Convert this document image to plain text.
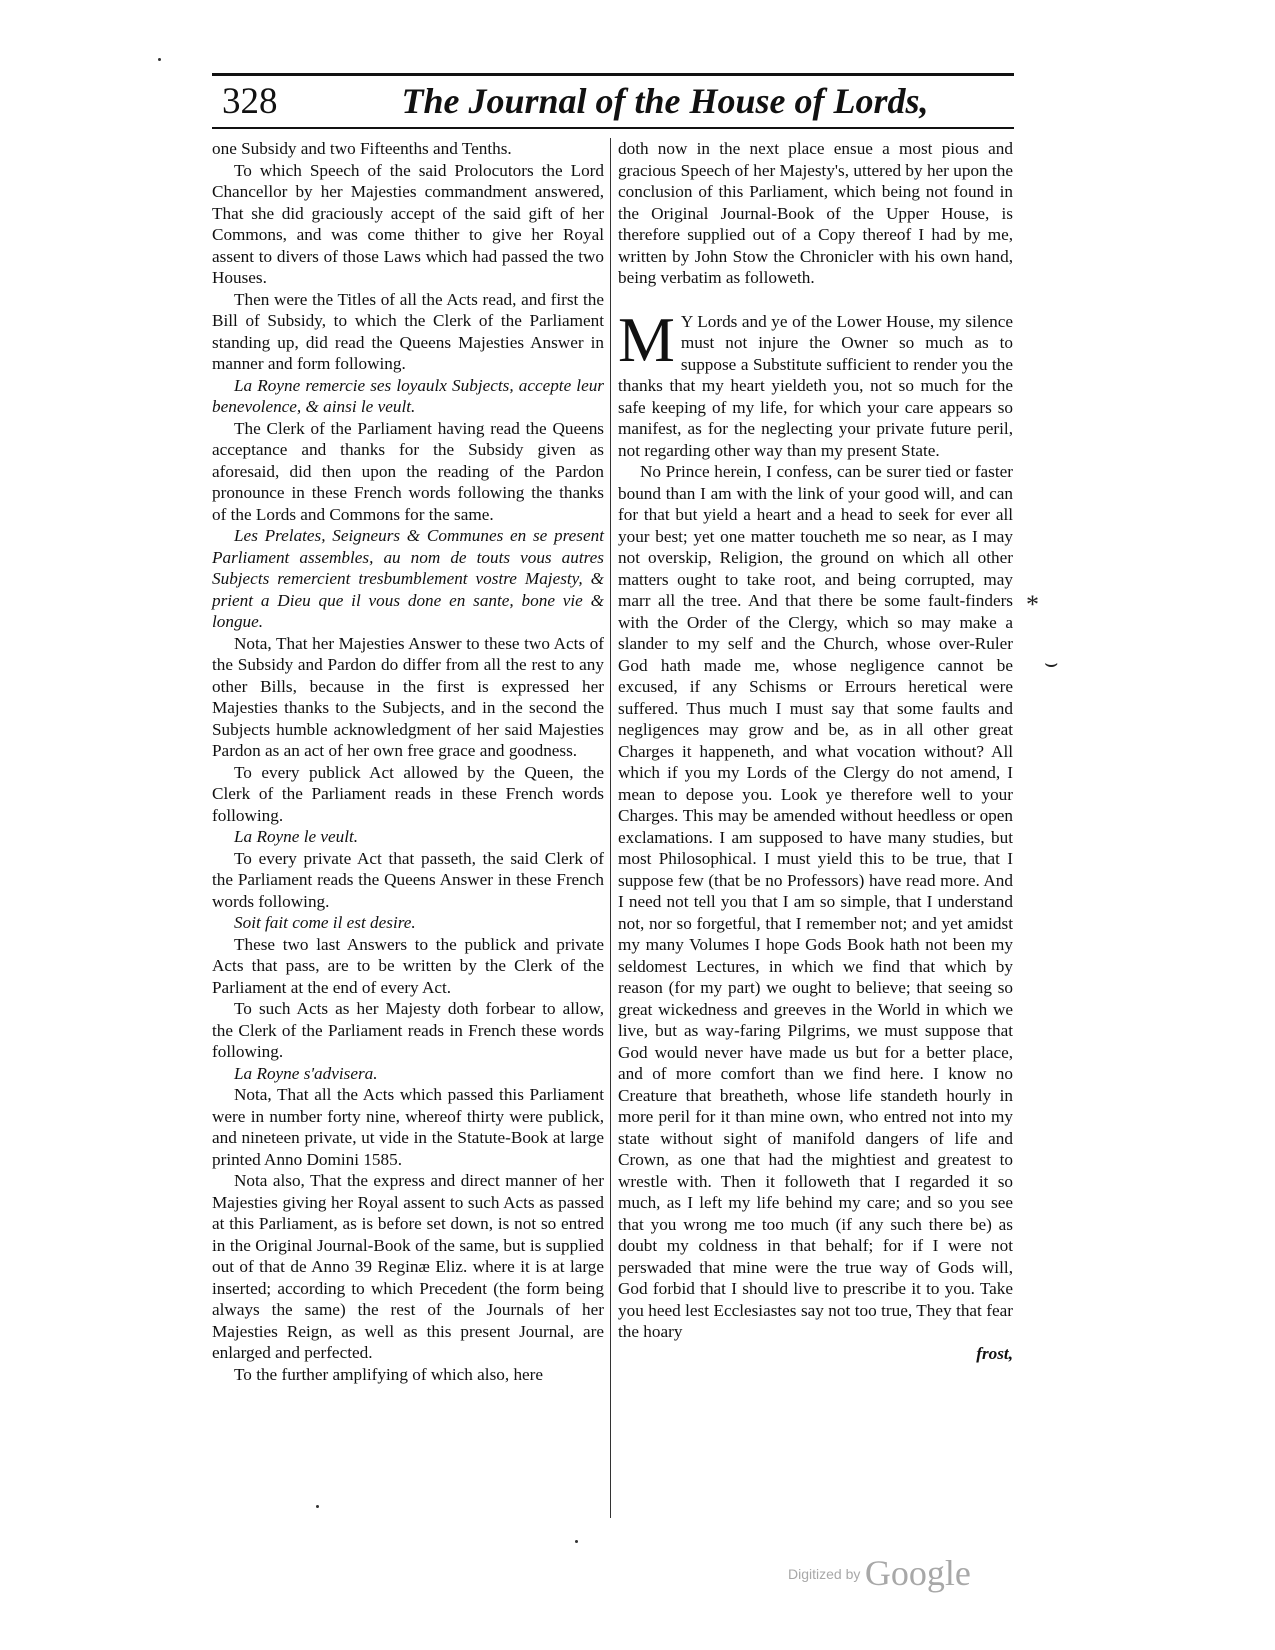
328	The Journal of the House of Lords,

one Subsidy and two Fifteenths and Tenths.

To which Speech of the said Prolocutors the Lord Chancellor by her Majesties commandment answered, That she did graciously accept of the said gift of her Commons, and was come thither to give her Royal assent to divers of those Laws which had passed the two Houses.

Then were the Titles of all the Acts read, and first the Bill of Subsidy, to which the Clerk of the Parliament standing up, did read the Queens Majesties Answer in manner and form following.

La Royne remercie ses loyaulx Subjects, accepte leur benevolence, & ainsi le veult.

The Clerk of the Parliament having read the Queens acceptance and thanks for the Subsidy given as aforesaid, did then upon the reading of the Pardon pronounce in these French words following the thanks of the Lords and Commons for the same.

Les Prelates, Seigneurs & Communes en se present Parliament assembles, au nom de touts vous autres Subjects remercient tresbumblement vostre Majesty, & prient a Dieu que il vous done en sante, bone vie & longue.

Nota, That her Majesties Answer to these two Acts of the Subsidy and Pardon do differ from all the rest to any other Bills, because in the first is expressed her Majesties thanks to the Subjects, and in the second the Subjects humble acknowledgment of her said Majesties Pardon as an act of her own free grace and goodness.

To every publick Act allowed by the Queen, the Clerk of the Parliament reads in these French words following.

La Royne le veult.

To every private Act that passeth, the said Clerk of the Parliament reads the Queens Answer in these French words following.

Soit fait come il est desire.

These two last Answers to the publick and private Acts that pass, are to be written by the Clerk of the Parliament at the end of every Act.

To such Acts as her Majesty doth forbear to allow, the Clerk of the Parliament reads in French these words following.

La Royne s'advisera.

Nota, That all the Acts which passed this Parliament were in number forty nine, whereof thirty were publick, and nineteen private, ut vide in the Statute-Book at large printed Anno Domini 1585.

Nota also, That the express and direct manner of her Majesties giving her Royal assent to such Acts as passed at this Parliament, as is before set down, is not so entred in the Original Journal-Book of the same, but is supplied out of that de Anno 39 Reginæ Eliz. where it is at large inserted; according to which Precedent (the form being always the same) the rest of the Journals of her Majesties Reign, as well as this present Journal, are enlarged and perfected.

To the further amplifying of which also, here

doth now in the next place ensue a most pious and gracious Speech of her Majesty's, uttered by her upon the conclusion of this Parliament, which being not found in the Original Journal-Book of the Upper House, is therefore supplied out of a Copy thereof I had by me, written by John Stow the Chronicler with his own hand, being verbatim as followeth.

M Y Lords and ye of the Lower House, my silence must not injure the Owner so much as to suppose a Substitute sufficient to render you the thanks that my heart yieldeth you, not so much for the safe keeping of my life, for which your care appears so manifest, as for the neglecting your private future peril, not regarding other way than my present State.

No Prince herein, I confess, can be surer tied or faster bound than I am with the link of your good will, and can for that but yield a heart and a head to seek for ever all your best; yet one matter toucheth me so near, as I may not overskip, Religion, the ground on which all other matters ought to take root, and being corrupted, may marr all the tree. And that there be some fault-finders with the Order of the Clergy, which so may make a slander to my self and the Church, whose over-Ruler God hath made me, whose negligence cannot be excused, if any Schisms or Errours heretical were suffered. Thus much I must say that some faults and negligences may grow and be, as in all other great Charges it happeneth, and what vocation without? All which if you my Lords of the Clergy do not amend, I mean to depose you. Look ye therefore well to your Charges. This may be amended without heedless or open exclamations. I am supposed to have many studies, but most Philosophical. I must yield this to be true, that I suppose few (that be no Professors) have read more. And I need not tell you that I am so simple, that I understand not, nor so forgetful, that I remember not; and yet amidst my many Volumes I hope Gods Book hath not been my seldomest Lectures, in which we find that which by reason (for my part) we ought to believe; that seeing so great wickedness and greeves in the World in which we live, but as way-faring Pilgrims, we must suppose that God would never have made us but for a better place, and of more comfort than we find here. I know no Creature that breatheth, whose life standeth hourly in more peril for it than mine own, who entred not into my state without sight of manifold dangers of life and Crown, as one that had the mightiest and greatest to wrestle with. Then it followeth that I regarded it so much, as I left my life behind my care; and so you see that you wrong me too much (if any such there be) as doubt my coldness in that behalf; for if I were not perswaded that mine were the true way of Gods will, God forbid that I should live to prescribe it to you. Take you heed lest Ecclesiastes say not too true, They that fear the hoary

frost,
*
⌣
Digitized by Google
